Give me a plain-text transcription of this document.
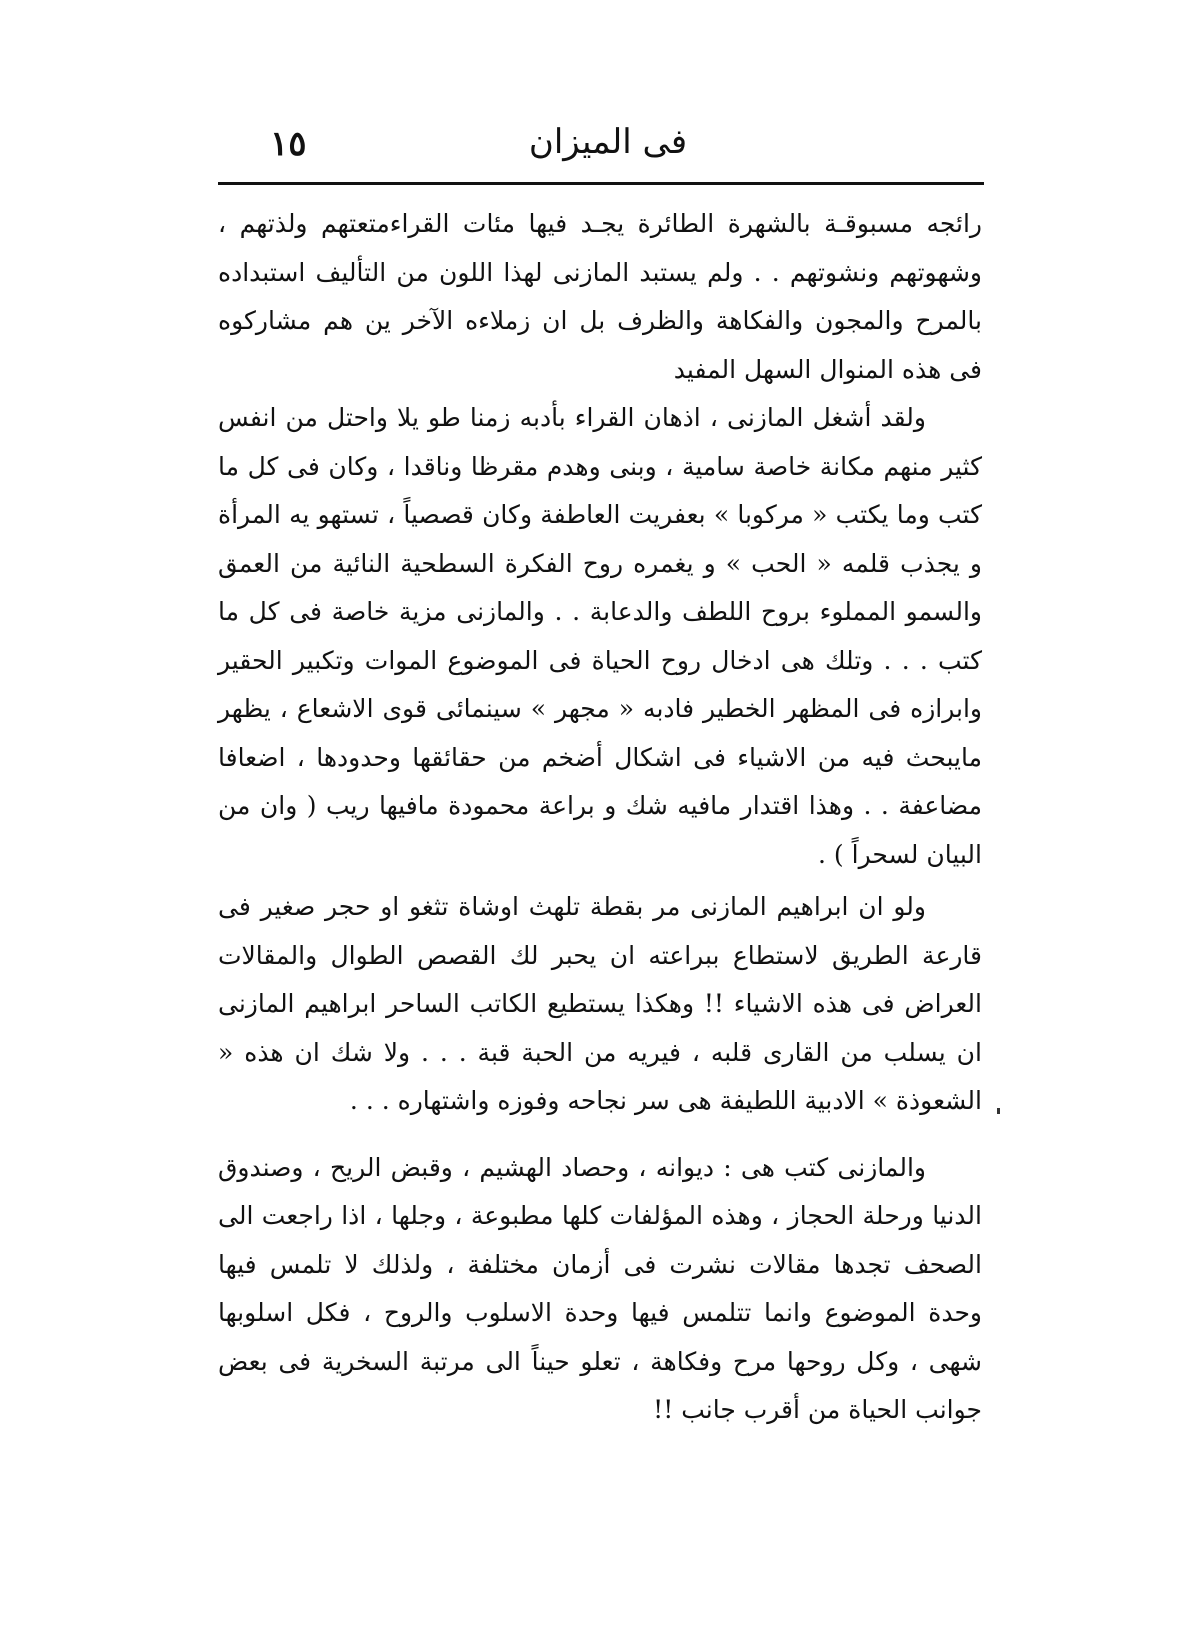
١٥	فى الميزان

رائجه مسبوقـة بالشهرة الطائرة يجـد فيها مئات القراءمتعتهم ولذتهم ، وشهوتهم ونشوتهم . . ولم يستبد المازنى لهذا اللون من التأليف استبداده بالمرح والمجون والفكاهة والظرف بل ان زملاءه الآخر ين هم مشاركوه فى هذه المنوال السهل المفيد

ولقد أشغل المازنى ، اذهان القراء بأدبه زمنا طو يلا واحتل من انفس كثير منهم مكانة خاصة سامية ، وبنى وهدم مقرظا وناقدا ، وكان فى كل ما كتب وما يكتب « مركوبا » بعفريت العاطفة وكان قصصياً ، تستهو يه المرأة و يجذب قلمه « الحب » و يغمره روح الفكرة السطحية النائية من العمق والسمو المملوء بروح اللطف والدعابة . . والمازنى مزية خاصة فى كل ما كتب . . . وتلك هى ادخال روح الحياة فى الموضوع الموات وتكبير الحقير وابرازه فى المظهر الخطير فادبه « مجهر » سينمائى قوى الاشعاع ، يظهر مايبحث فيه من الاشياء فى اشكال أضخم من حقائقها وحدودها ، اضعافا مضاعفة . . وهذا اقتدار مافيه شك و براعة محمودة مافيها ريب ( وان من البيان لسحراً ) .

ولو ان ابراهيم المازنى مر بقطة تلهث اوشاة تثغو او حجر صغير فى قارعة الطريق لاستطاع ببراعته ان يحبر لك القصص الطوال والمقالات العراض فى هذه الاشياء !! وهكذا يستطيع الكاتب الساحر ابراهيم المازنى ان يسلب من القارى قلبه ، فيريه من الحبة قبة . . . ولا شك ان هذه « الشعوذة » الادبية اللطيفة هى سر نجاحه وفوزه واشتهاره . . .

والمازنى كتب هى : ديوانه ، وحصاد الهشيم ، وقبض الريح ، وصندوق الدنيا ورحلة الحجاز ، وهذه المؤلفات كلها مطبوعة ، وجلها ، اذا راجعت الى الصحف تجدها مقالات نشرت فى أزمان مختلفة ، ولذلك لا تلمس فيها وحدة الموضوع وانما تتلمس فيها وحدة الاسلوب والروح ، فكل اسلوبها شهى ، وكل روحها مرح وفكاهة ، تعلو حيناً الى مرتبة السخرية فى بعض جوانب الحياة من أقرب جانب !!
